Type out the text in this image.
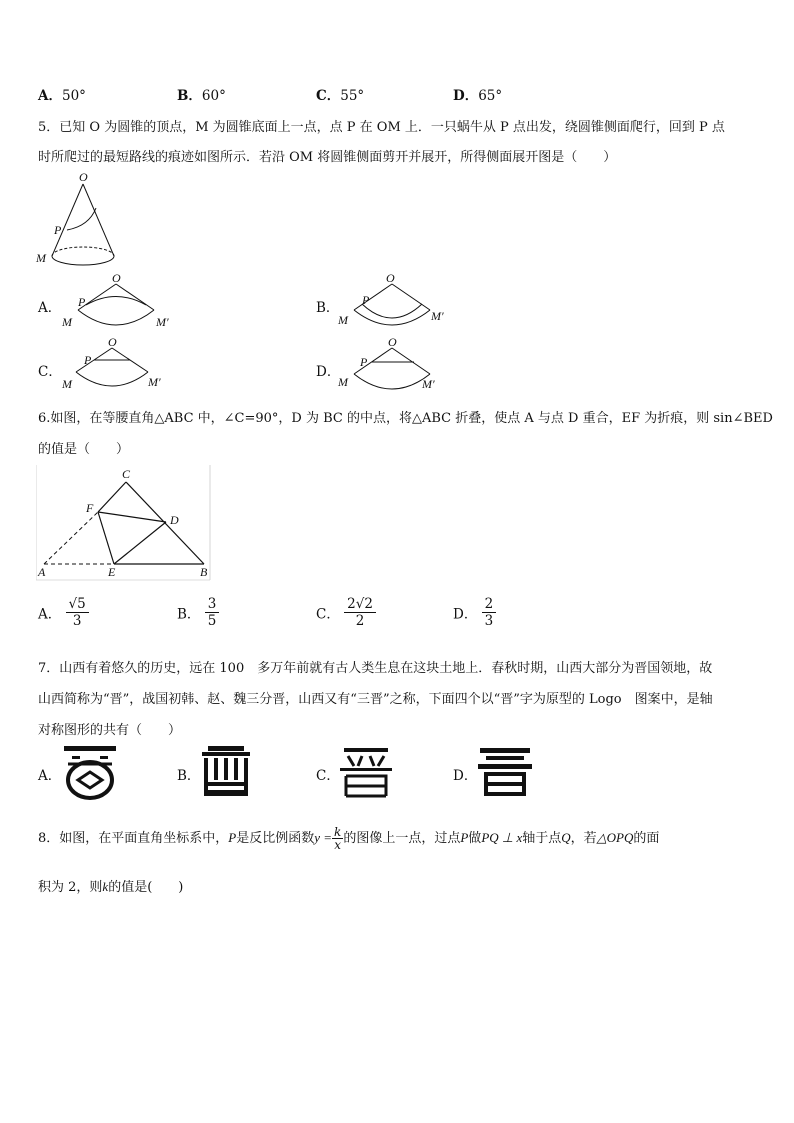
A．50°	B．60°	C．55°	D．65°
5．已知 O 为圆锥的顶点，M 为圆锥底面上一点，点 P 在 OM 上．一只蜗牛从 P 点出发，绕圆锥侧面爬行，回到 P 点
时所爬过的最短路线的痕迹如图所示．若沿 OM 将圆锥侧面剪开并展开，所得侧面展开图是（　　）
O
P
M
A．
O
P
M	M′
B．
O
P
M	M′
C．
O
P
M	M′
D．
O
P
M	M′
6.如图，在等腰直角△ABC 中，∠C=90°，D 为 BC 的中点，将△ABC 折叠，使点 A 与点 D 重合，EF 为折痕，则 sin∠BED
的值是（　　）
C
F
D
A	E	B
A． $\frac{√5}{3}$	B． $\frac{3}{5}$	C． $\frac{2√2}{2}$	D． $\frac{2}{3}$
7．山西有着悠久的历史，远在 100　多万年前就有古人类生息在这块土地上．春秋时期，山西大部分为晋国领地，故
山西简称为“晋”，战国初韩、赵、魏三分晋，山西又有“三晋”之称，下面四个以“晋”字为原型的 Logo　图案中，是轴
对称图形的共有（　　）
A．	B．	C．	D．
8．如图，在平面直角坐标系中，P是反比例函数$y = \frac{k}{x}$ 的图像上一点，过点P做PQ ⊥ x轴于点Q，若△OPQ的面
积为 2，则k的值是(　　)
